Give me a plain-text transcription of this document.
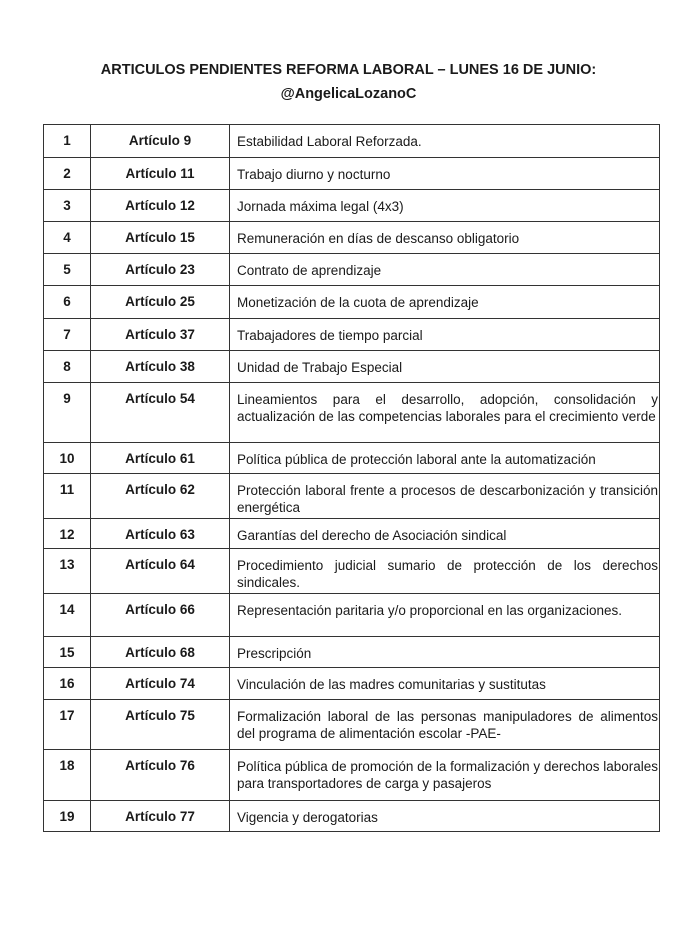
ARTICULOS PENDIENTES REFORMA LABORAL – LUNES 16 DE JUNIO:
@AngelicaLozanoC
1	Artículo 9	Estabilidad Laboral Reforzada.
2	Artículo 11	Trabajo diurno y nocturno
3	Artículo 12	Jornada máxima legal (4x3)
4	Artículo 15	Remuneración en días de descanso obligatorio
5	Artículo 23	Contrato de aprendizaje
6	Artículo 25	Monetización de la cuota de aprendizaje
7	Artículo 37	Trabajadores de tiempo parcial
8	Artículo 38	Unidad de Trabajo Especial
9	Artículo 54	Lineamientos para el desarrollo, adopción, consolidación y actualización de las competencias laborales para el crecimiento verde
10	Artículo 61	Política pública de protección laboral ante la automatización
11	Artículo 62	Protección laboral frente a procesos de descarbonización y transición energética
12	Artículo 63	Garantías del derecho de Asociación sindical
13	Artículo 64	Procedimiento judicial sumario de protección de los derechos sindicales.
14	Artículo 66	Representación paritaria y/o proporcional en las organizaciones.
15	Artículo 68	Prescripción
16	Artículo 74	Vinculación de las madres comunitarias y sustitutas
17	Artículo 75	Formalización laboral de las personas manipuladores de alimentos del programa de alimentación escolar -PAE-
18	Artículo 76	Política pública de promoción de la formalización y derechos laborales para transportadores de carga y pasajeros
19	Artículo 77	Vigencia y derogatorias
